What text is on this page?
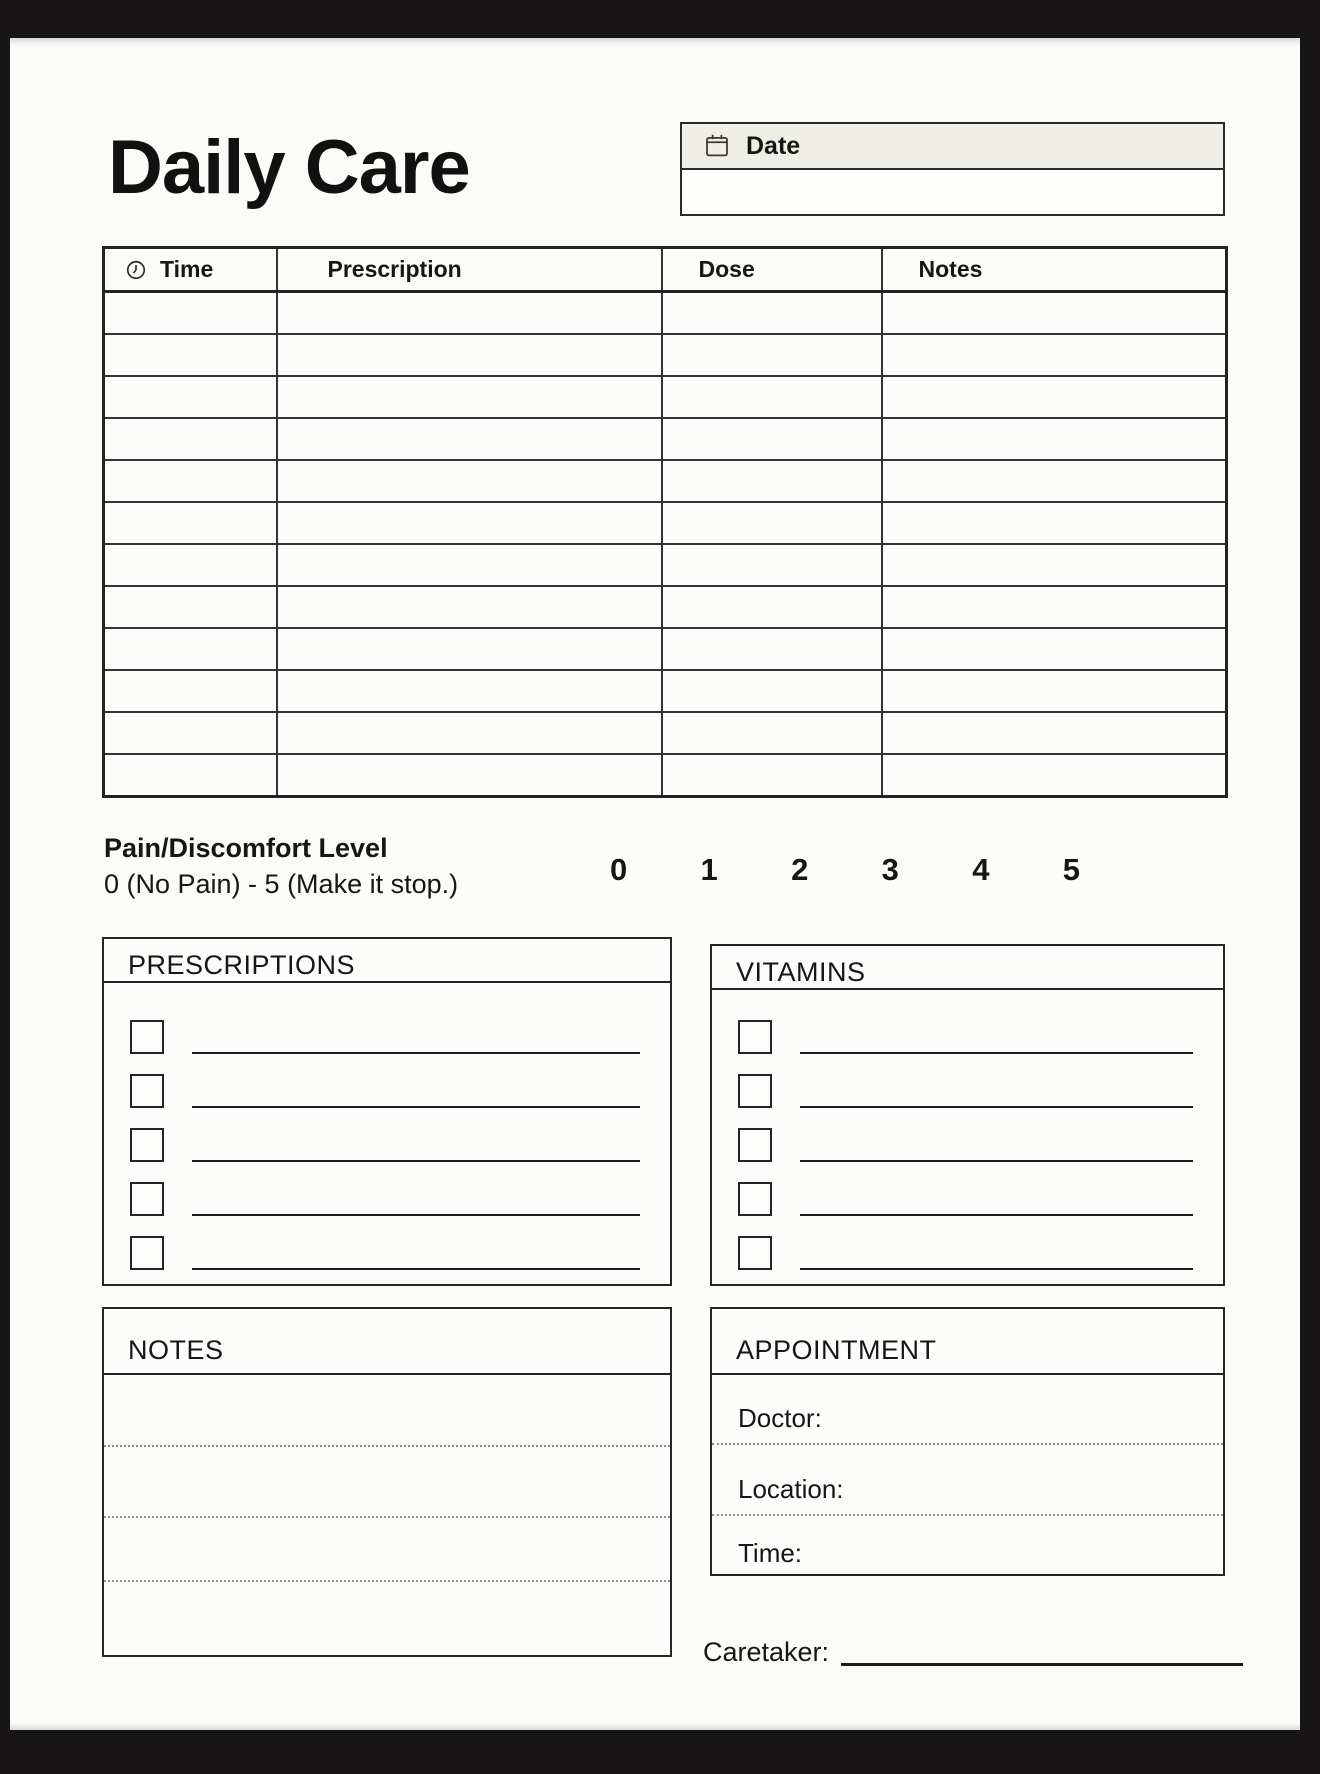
Daily Care	Date
Time	Prescription	Dose	Notes

Pain/Discomfort Level
0 (No Pain) - 5 (Make it stop.)	0 1 2 3 4 5
PRESCRIPTIONS	VITAMINS
NOTES	APPOINTMENT
Doctor:
Location:
Time:
Caretaker:
